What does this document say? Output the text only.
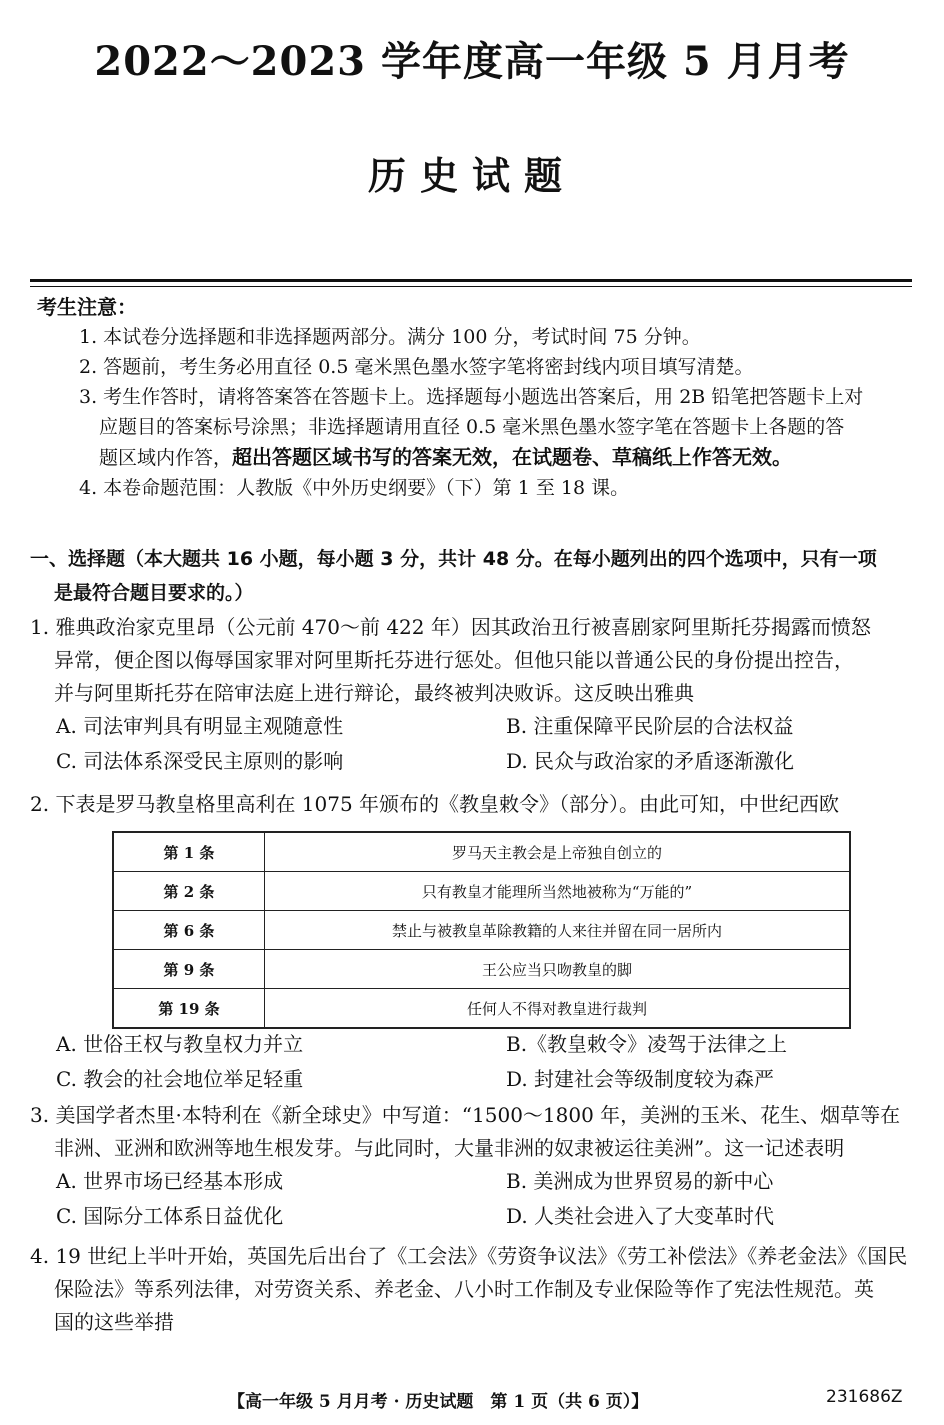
2022～2023 学年度高一年级 5 月月考
历史试题
考生注意：
1. 本试卷分选择题和非选择题两部分。满分 100 分，考试时间 75 分钟。
2. 答题前，考生务必用直径 0.5 毫米黑色墨水签字笔将密封线内项目填写清楚。
3. 考生作答时，请将答案答在答题卡上。选择题每小题选出答案后，用 2B 铅笔把答题卡上对
应题目的答案标号涂黑；非选择题请用直径 0.5 毫米黑色墨水签字笔在答题卡上各题的答
题区域内作答，超出答题区域书写的答案无效，在试题卷、草稿纸上作答无效。
4. 本卷命题范围：人教版《中外历史纲要》（下）第 1 至 18 课。
一、选择题（本大题共 16 小题，每小题 3 分，共计 48 分。在每小题列出的四个选项中，只有一项
是最符合题目要求的。）
1. 雅典政治家克里昂（公元前 470～前 422 年）因其政治丑行被喜剧家阿里斯托芬揭露而愤怒
异常，便企图以侮辱国家罪对阿里斯托芬进行惩处。但他只能以普通公民的身份提出控告，
并与阿里斯托芬在陪审法庭上进行辩论，最终被判决败诉。这反映出雅典
A. 司法审判具有明显主观随意性	B. 注重保障平民阶层的合法权益
C. 司法体系深受民主原则的影响	D. 民众与政治家的矛盾逐渐激化
2. 下表是罗马教皇格里高利在 1075 年颁布的《教皇敕令》（部分）。由此可知，中世纪西欧
第 1 条	罗马天主教会是上帝独自创立的
第 2 条	只有教皇才能理所当然地被称为“万能的”
第 6 条	禁止与被教皇革除教籍的人来往并留在同一居所内
第 9 条	王公应当只吻教皇的脚
第 19 条	任何人不得对教皇进行裁判
A. 世俗王权与教皇权力并立	B.《教皇敕令》凌驾于法律之上
C. 教会的社会地位举足轻重	D. 封建社会等级制度较为森严
3. 美国学者杰里·本特利在《新全球史》中写道：“1500～1800 年，美洲的玉米、花生、烟草等在
非洲、亚洲和欧洲等地生根发芽。与此同时，大量非洲的奴隶被运往美洲”。这一记述表明
A. 世界市场已经基本形成	B. 美洲成为世界贸易的新中心
C. 国际分工体系日益优化	D. 人类社会进入了大变革时代
4. 19 世纪上半叶开始，英国先后出台了《工会法》《劳资争议法》《劳工补偿法》《养老金法》《国民
保险法》等系列法律，对劳资关系、养老金、八小时工作制及专业保险等作了宪法性规范。英
国的这些举措
【高一年级 5 月月考 · 历史试题　第 1 页（共 6 页）】	231686Z
